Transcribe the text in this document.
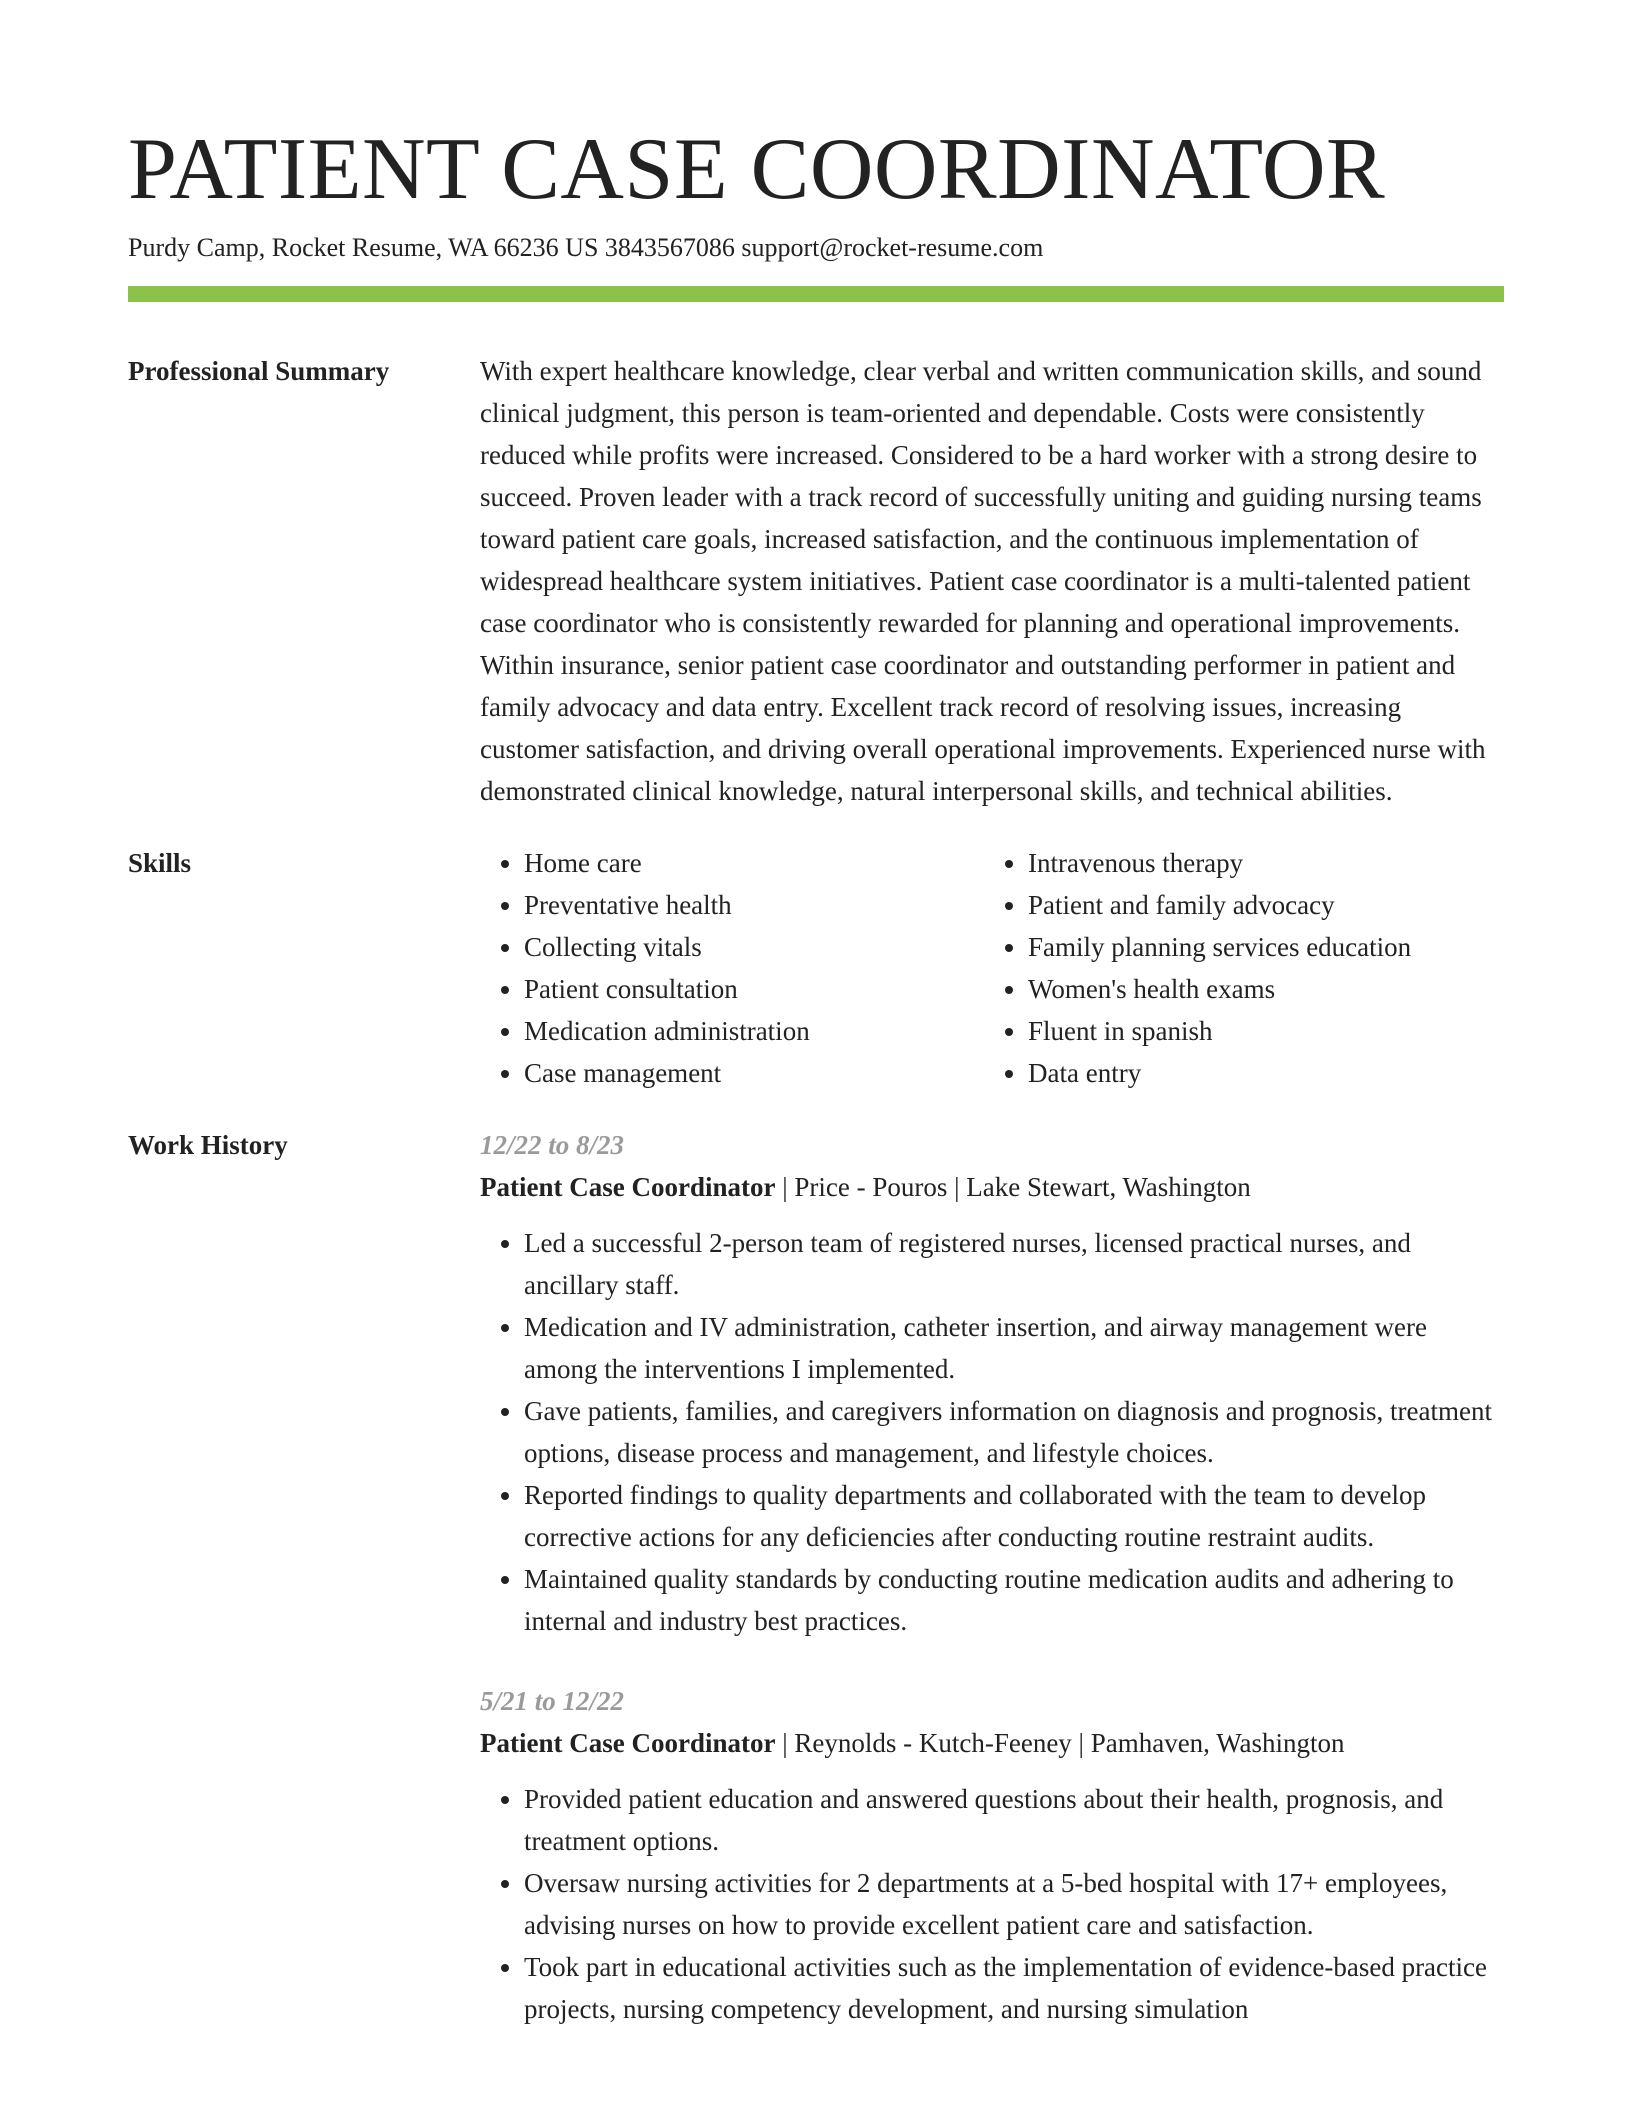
PATIENT CASE COORDINATOR
Purdy Camp, Rocket Resume, WA 66236 US 3843567086 support@rocket-resume.com
Professional Summary	With expert healthcare knowledge, clear verbal and written communication skills, and sound clinical judgment, this person is team-oriented and dependable. Costs were consistently reduced while profits were increased. Considered to be a hard worker with a strong desire to succeed. Proven leader with a track record of successfully uniting and guiding nursing teams toward patient care goals, increased satisfaction, and the continuous implementation of widespread healthcare system initiatives. Patient case coordinator is a multi-talented patient case coordinator who is consistently rewarded for planning and operational improvements. Within insurance, senior patient case coordinator and outstanding performer in patient and family advocacy and data entry. Excellent track record of resolving issues, increasing customer satisfaction, and driving overall operational improvements. Experienced nurse with demonstrated clinical knowledge, natural interpersonal skills, and technical abilities.

Skills
•	Home care
• Preventative health
• Collecting vitals
• Patient consultation
• Medication administration
• Case management
• Intravenous therapy
• Patient and family advocacy
• Family planning services education
• Women's health exams
• Fluent in spanish
• Data entry
Work History	12/22 to 8/23
Patient Case Coordinator | Price - Pouros | Lake Stewart, Washington
• Led a successful 2-person team of registered nurses, licensed practical nurses, and ancillary staff.
• Medication and IV administration, catheter insertion, and airway management were among the interventions I implemented.
• Gave patients, families, and caregivers information on diagnosis and prognosis, treatment options, disease process and management, and lifestyle choices.
• Reported findings to quality departments and collaborated with the team to develop corrective actions for any deficiencies after conducting routine restraint audits.
• Maintained quality standards by conducting routine medication audits and adhering to internal and industry best practices.
5/21 to 12/22
Patient Case Coordinator | Reynolds - Kutch-Feeney | Pamhaven, Washington
• Provided patient education and answered questions about their health, prognosis, and treatment options.
• Oversaw nursing activities for 2 departments at a 5-bed hospital with 17+ employees, advising nurses on how to provide excellent patient care and satisfaction.
• Took part in educational activities such as the implementation of evidence-based practice projects, nursing competency development, and nursing simulation
